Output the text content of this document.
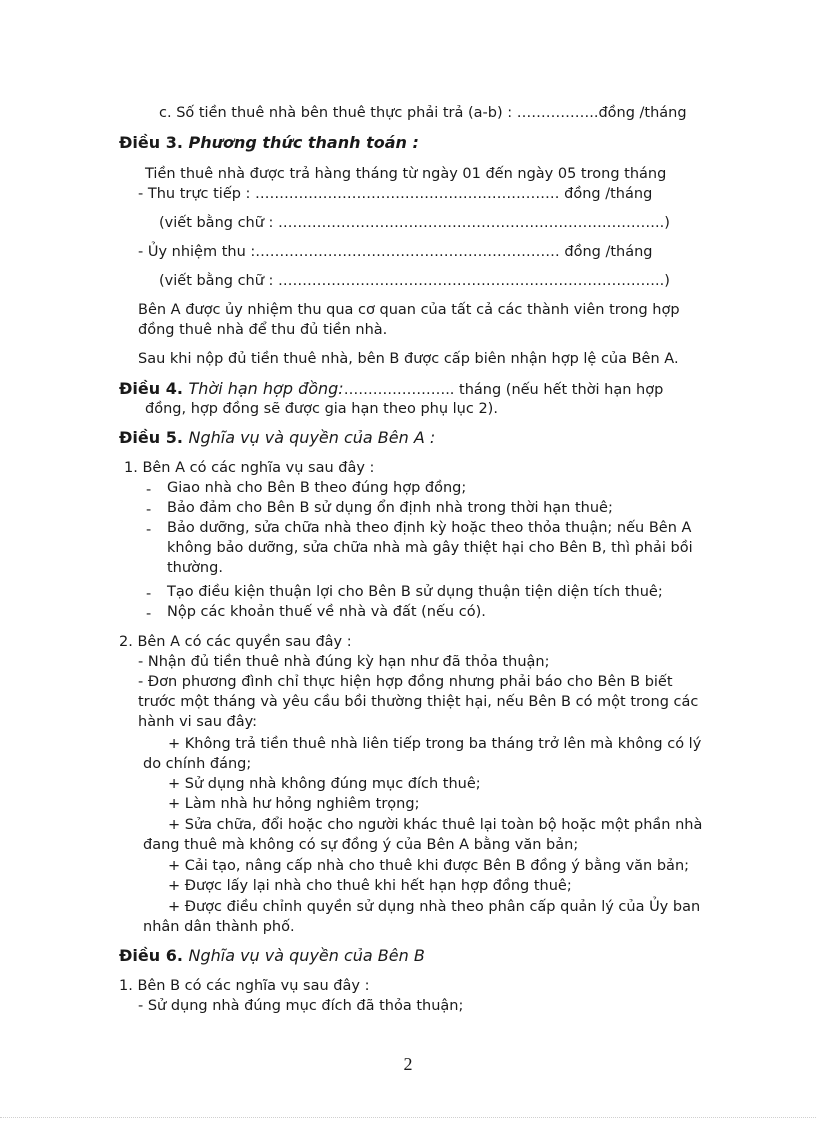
c. Số tiền thuê nhà bên thuê thực phải trả (a-b) : ……………..đồng /tháng
Điều 3. Phương thức thanh toán :
Tiền thuê nhà được trả hàng tháng từ ngày 01 đến ngày 05 trong tháng
- Thu trực tiếp : ……………………………………………………… đồng /tháng
(viết bằng chữ : ……………………………………………………………………..)
- Ủy nhiệm thu :……………………………………………………… đồng /tháng
(viết bằng chữ : ……………………………………………………………………..)
Bên A được ủy nhiệm thu qua cơ quan của tất cả các thành viên trong hợp
đồng thuê nhà để thu đủ tiền nhà.
Sau khi nộp đủ tiền thuê nhà, bên B được cấp biên nhận hợp lệ của Bên A.
Điều 4. Thời hạn hợp đồng:………………….. tháng (nếu hết thời hạn hợp
đồng, hợp đồng sẽ được gia hạn theo phụ lục 2).
Điều 5. Nghĩa vụ và quyền của Bên A :
1. Bên A có các nghĩa vụ sau đây :
- Giao nhà cho Bên B theo đúng hợp đồng;
- Bảo đảm cho Bên B sử dụng ổn định nhà trong thời hạn thuê;
- Bảo dưỡng, sửa chữa nhà theo định kỳ hoặc theo thỏa thuận; nếu Bên A
không bảo dưỡng, sửa chữa nhà mà gây thiệt hại cho Bên B, thì phải bồi
thường.
- Tạo điều kiện thuận lợi cho Bên B sử dụng thuận tiện diện tích thuê;
- Nộp các khoản thuế về nhà và đất (nếu có).
2. Bên A có các quyền sau đây :
- Nhận đủ tiền thuê nhà đúng kỳ hạn như đã thỏa thuận;
- Đơn phương đình chỉ thực hiện hợp đồng nhưng phải báo cho Bên B biết
trước một tháng và yêu cầu bồi thường thiệt hại, nếu Bên B có một trong các
hành vi sau đây:
+ Không trả tiền thuê nhà liên tiếp trong ba tháng trở lên mà không có lý
do chính đáng;
+ Sử dụng nhà không đúng mục đích thuê;
+ Làm nhà hư hỏng nghiêm trọng;
+ Sửa chữa, đổi hoặc cho người khác thuê lại toàn bộ hoặc một phần nhà
đang thuê mà không có sự đồng ý của Bên A bằng văn bản;
+ Cải tạo, nâng cấp nhà cho thuê khi được Bên B đồng ý bằng văn bản;
+ Được lấy lại nhà cho thuê khi hết hạn hợp đồng thuê;
+ Được điều chỉnh quyền sử dụng nhà theo phân cấp quản lý của Ủy ban
nhân dân thành phố.
Điều 6. Nghĩa vụ và quyền của Bên B
1. Bên B có các nghĩa vụ sau đây :
- Sử dụng nhà đúng mục đích đã thỏa thuận;
2
